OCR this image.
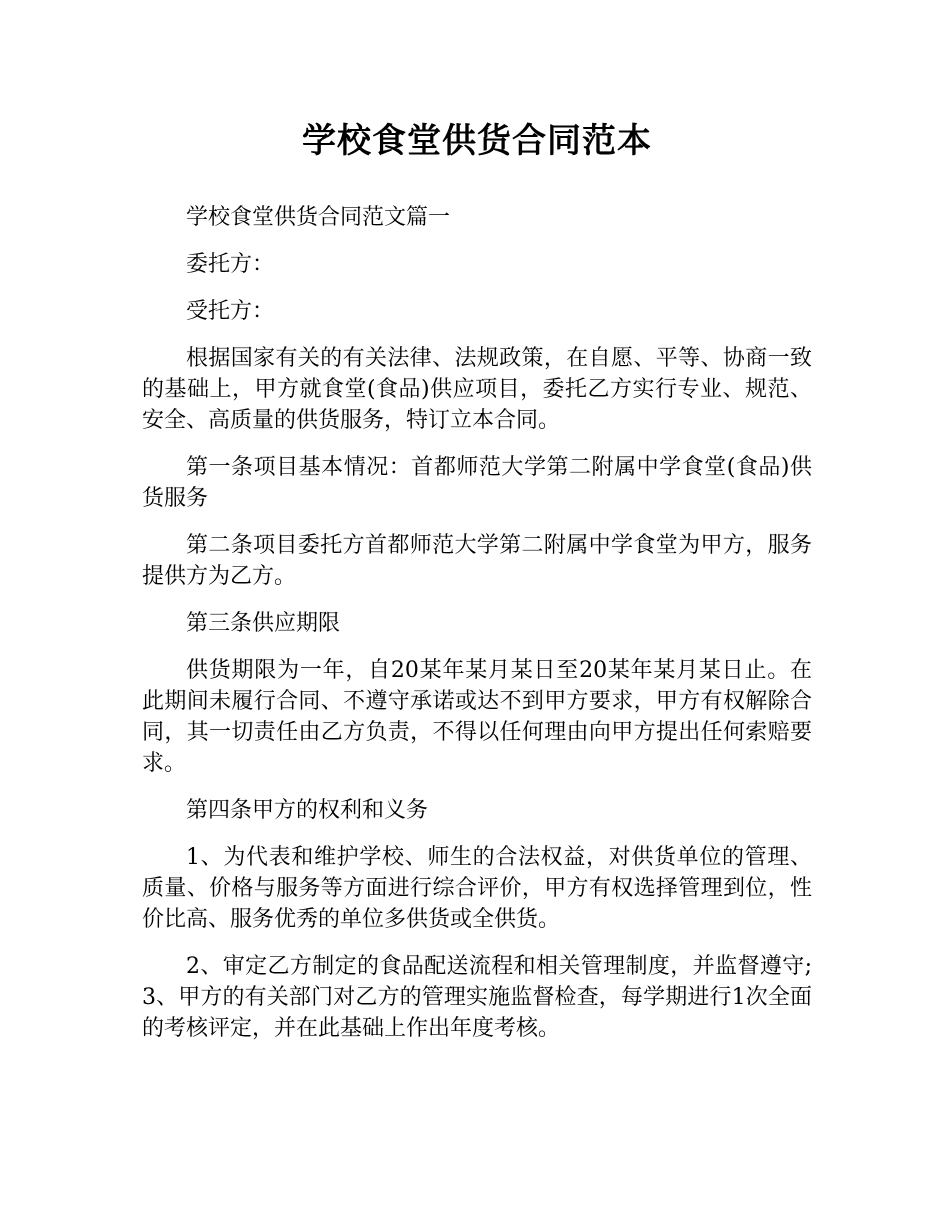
学校食堂供货合同范本

学校食堂供货合同范文篇一

委托方：

受托方：

根据国家有关的有关法律、法规政策，在自愿、平等、协商一致的基础上，甲方就食堂(食品)供应项目，委托乙方实行专业、规范、安全、高质量的供货服务，特订立本合同。

第一条项目基本情况：首都师范大学第二附属中学食堂(食品)供货服务

第二条项目委托方首都师范大学第二附属中学食堂为甲方，服务提供方为乙方。

第三条供应期限

供货期限为一年，自20某年某月某日至20某年某月某日止。在此期间未履行合同、不遵守承诺或达不到甲方要求，甲方有权解除合同，其一切责任由乙方负责，不得以任何理由向甲方提出任何索赔要求。

第四条甲方的权利和义务

1、为代表和维护学校、师生的合法权益，对供货单位的管理、质量、价格与服务等方面进行综合评价，甲方有权选择管理到位，性价比高、服务优秀的单位多供货或全供货。

2、审定乙方制定的食品配送流程和相关管理制度，并监督遵守;3、甲方的有关部门对乙方的管理实施监督检查，每学期进行1次全面的考核评定，并在此基础上作出年度考核。
